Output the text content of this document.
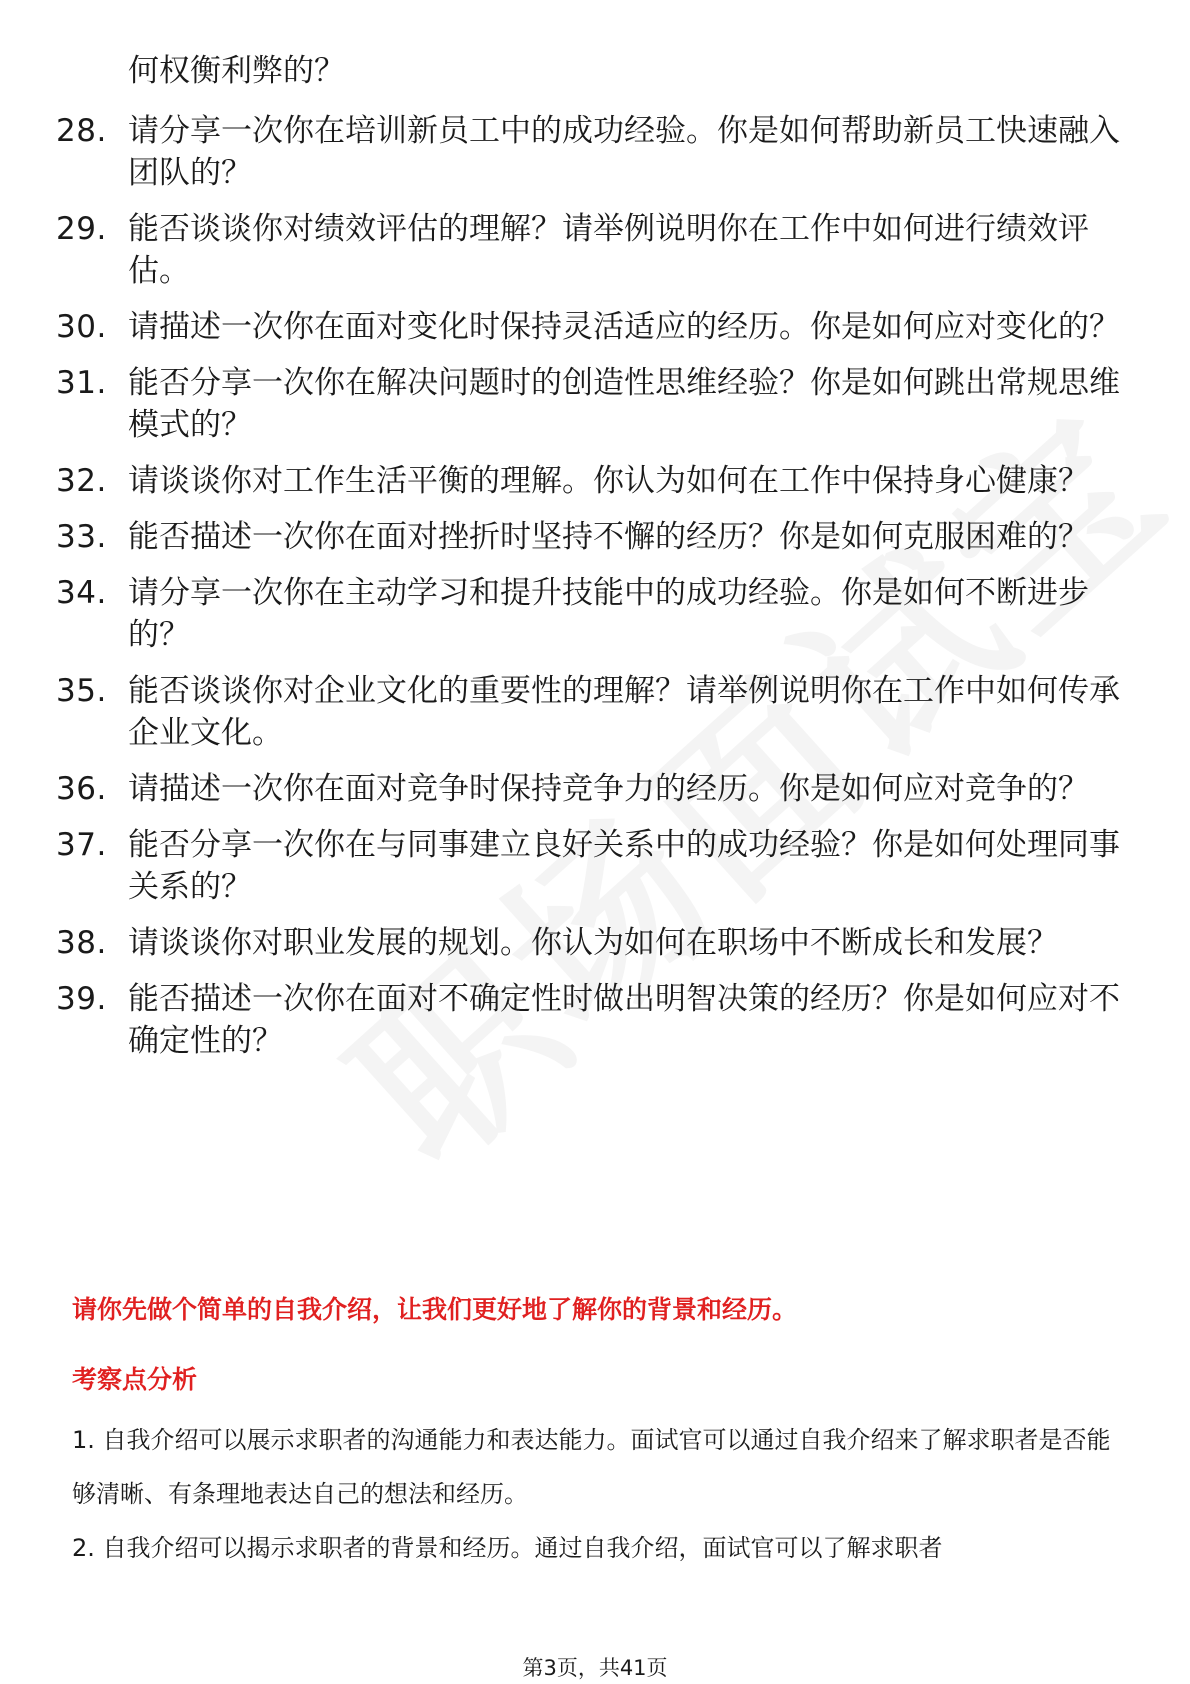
何权衡利弊的？
28. 请分享一次你在培训新员工中的成功经验。你是如何帮助新员工快速融入团队的？
29. 能否谈谈你对绩效评估的理解？请举例说明你在工作中如何进行绩效评估。
30. 请描述一次你在面对变化时保持灵活适应的经历。你是如何应对变化的？
31. 能否分享一次你在解决问题时的创造性思维经验？你是如何跳出常规思维模式的？
32. 请谈谈你对工作生活平衡的理解。你认为如何在工作中保持身心健康？
33. 能否描述一次你在面对挫折时坚持不懈的经历？你是如何克服困难的？
34. 请分享一次你在主动学习和提升技能中的成功经验。你是如何不断进步的？
35. 能否谈谈你对企业文化的重要性的理解？请举例说明你在工作中如何传承企业文化。
36. 请描述一次你在面对竞争时保持竞争力的经历。你是如何应对竞争的？
37. 能否分享一次你在与同事建立良好关系中的成功经验？你是如何处理同事关系的？
38. 请谈谈你对职业发展的规划。你认为如何在职场中不断成长和发展？
39. 能否描述一次你在面对不确定性时做出明智决策的经历？你是如何应对不确定性的？
请你先做个简单的自我介绍，让我们更好地了解你的背景和经历。
考察点分析

1. 自我介绍可以展示求职者的沟通能力和表达能力。面试官可以通过自我介绍来了解求职者是否能够清晰、有条理地表达自己的想法和经历。

2. 自我介绍可以揭示求职者的背景和经历。通过自我介绍，面试官可以了解求职者

第3页，共41页
